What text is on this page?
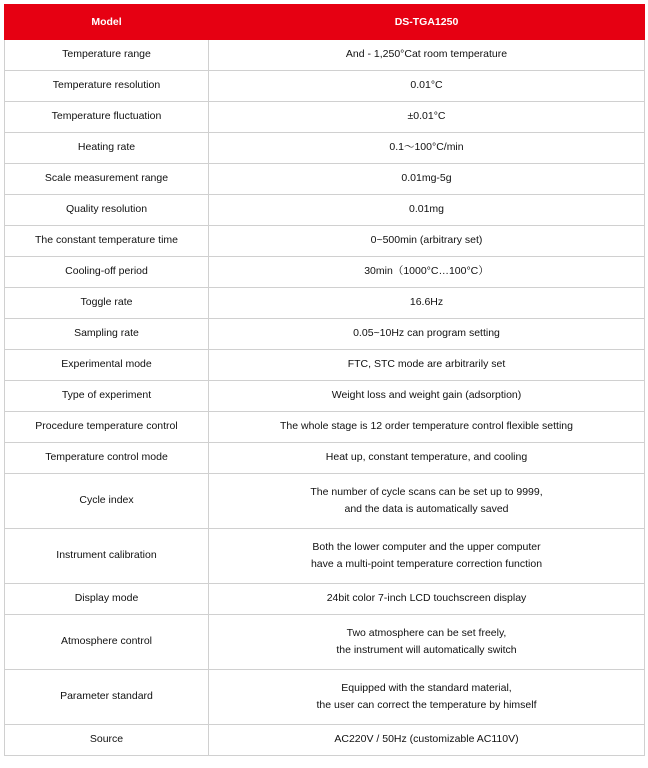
Model	DS-TGA1250
Temperature range	And - 1,250°Cat room temperature

Temperature resolution	0.01°C

Temperature fluctuation	±0.01°C

Heating rate	0.1～100°C/min

Scale measurement range	0.01mg-5g

Quality resolution	0.01mg

The constant temperature time	0~500min (arbitrary set)

Cooling-off period	30min（1000°C…100°C）

Toggle rate	16.6Hz

Sampling rate	0.05~10Hz can program setting

Experimental mode	FTC, STC mode are arbitrarily set

Type of experiment	Weight loss and weight gain (adsorption)

Procedure temperature control	The whole stage is 12 order temperature control flexible setting

Temperature control mode	Heat up, constant temperature, and cooling

Cycle index	The number of cycle scans can be set up to 9999,
and the data is automatically saved

Instrument calibration	Both the lower computer and the upper computer
have a multi-point temperature correction function

Display mode	24bit color 7-inch LCD touchscreen display

Atmosphere control	Two atmosphere can be set freely,
the instrument will automatically switch

Parameter standard	Equipped with the standard material,
the user can correct the temperature by himself

Source	AC220V / 50Hz (customizable AC110V)
